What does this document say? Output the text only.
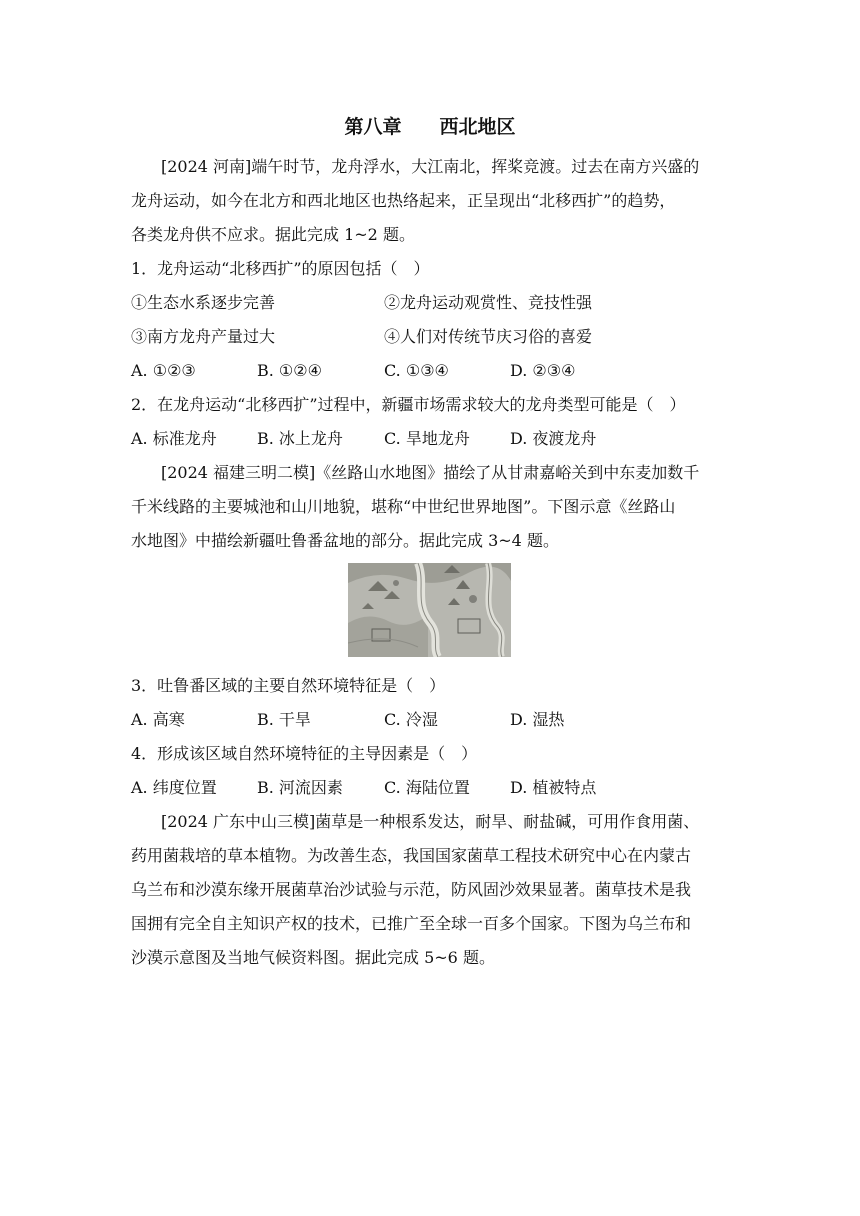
第八章　　西北地区
[2024 河南]端午时节，龙舟浮水，大江南北，挥桨竞渡。过去在南方兴盛的
龙舟运动，如今在北方和西北地区也热络起来，正呈现出“北移西扩”的趋势，
各类龙舟供不应求。据此完成 1~2 题。
1．龙舟运动“北移西扩”的原因包括（　）
①生态水系逐步完善	②龙舟运动观赏性、竞技性强
③南方龙舟产量过大	④人们对传统节庆习俗的喜爱
A. ①②③	B. ①②④	C. ①③④	D. ②③④
2．在龙舟运动“北移西扩”过程中，新疆市场需求较大的龙舟类型可能是（　）
A. 标准龙舟	B. 冰上龙舟	C. 旱地龙舟	D. 夜渡龙舟
[2024 福建三明二模]《丝路山水地图》描绘了从甘肃嘉峪关到中东麦加数千
千米线路的主要城池和山川地貌，堪称“中世纪世界地图”。下图示意《丝路山
水地图》中描绘新疆吐鲁番盆地的部分。据此完成 3~4 题。
3．吐鲁番区域的主要自然环境特征是（　）
A. 高寒	B. 干旱	C. 冷湿	D. 湿热
4．形成该区域自然环境特征的主导因素是（　）
A. 纬度位置	B. 河流因素	C. 海陆位置	D. 植被特点
[2024 广东中山三模]菌草是一种根系发达，耐旱、耐盐碱，可用作食用菌、
药用菌栽培的草本植物。为改善生态，我国国家菌草工程技术研究中心在内蒙古
乌兰布和沙漠东缘开展菌草治沙试验与示范，防风固沙效果显著。菌草技术是我
国拥有完全自主知识产权的技术，已推广至全球一百多个国家。下图为乌兰布和
沙漠示意图及当地气候资料图。据此完成 5~6 题。
